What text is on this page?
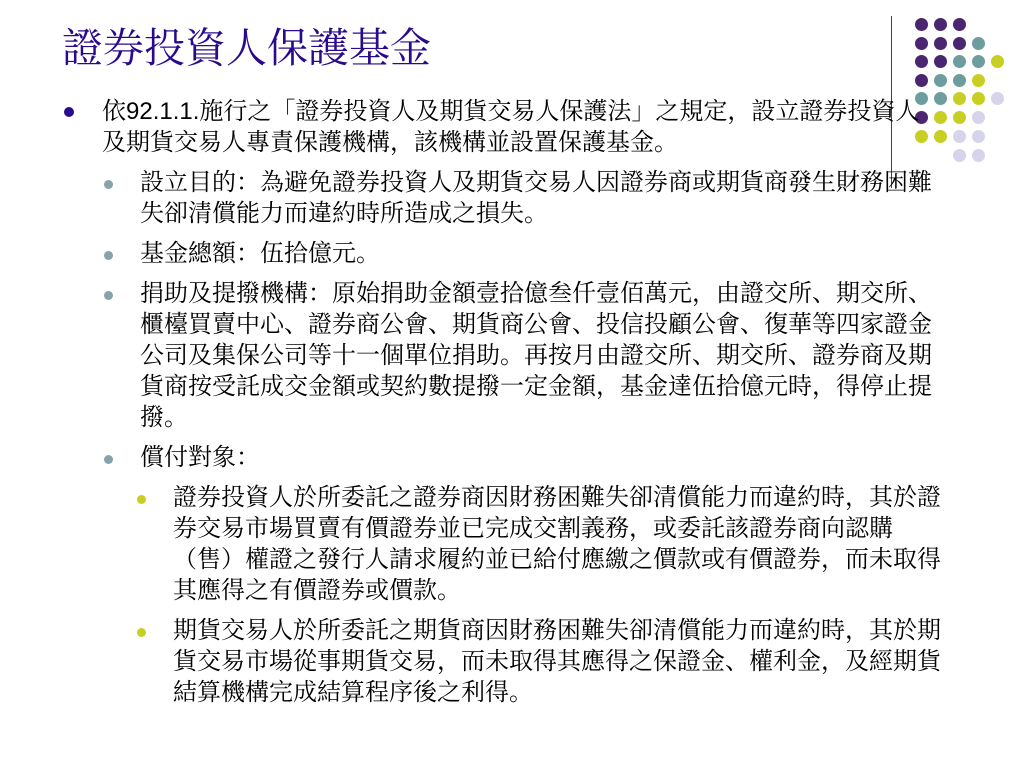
證券投資人保護基金
依92.1.1.施行之「證券投資人及期貨交易人保護法」之規定，設立證券投資人及期貨交易人專責保護機構，該機構並設置保護基金。
設立目的：為避免證券投資人及期貨交易人因證券商或期貨商發生財務困難失卻清償能力而違約時所造成之損失。
基金總額：伍拾億元。
捐助及提撥機構：原始捐助金額壹拾億叁仟壹佰萬元，由證交所、期交所、櫃檯買賣中心、證券商公會、期貨商公會、投信投顧公會、復華等四家證金公司及集保公司等十一個單位捐助。再按月由證交所、期交所、證券商及期貨商按受託成交金額或契約數提撥一定金額，基金達伍拾億元時，得停止提撥。
償付對象：
證券投資人於所委託之證券商因財務困難失卻清償能力而違約時，其於證券交易市場買賣有價證券並已完成交割義務，或委託該證券商向認購（售）權證之發行人請求履約並已給付應繳之價款或有價證券，而未取得其應得之有價證券或價款。
期貨交易人於所委託之期貨商因財務困難失卻清償能力而違約時，其於期貨交易市場從事期貨交易，而未取得其應得之保證金、權利金，及經期貨結算機構完成結算程序後之利得。
